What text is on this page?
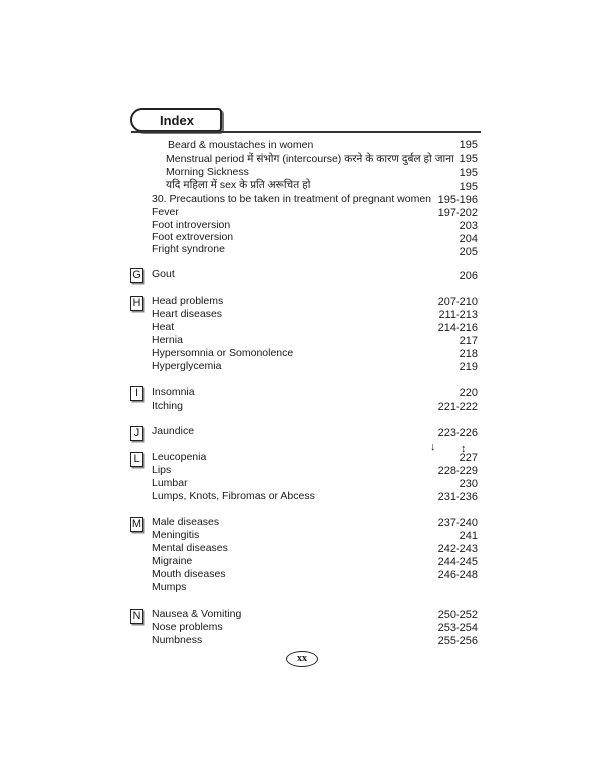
Index
Beard & moustaches in women	195
Menstrual period में संभोग (intercourse) करने के कारण दुर्बल हो जाना 195
Morning Sickness	195
यदि महिला में sex के प्रति अरूचित हो	195
30. Precautions to be taken in treatment of pregnant women 195-196
Fever	197-202
Foot introversion	203
Foot extroversion	204
Fright syndrone	205
G Gout	206
H Head problems	207-210
Heart diseases	211-213
Heat	214-216
Hernia	217
Hypersomnia or Somonolence	218
Hyperglycemia	219
I	Insomnia	220
Itching	221-222
J	Jaundice	223-226
↓ ↕
L	Leucopenia	227
Lips	228-229
Lumbar	230
Lumps, Knots, Fibromas or Abcess	231-236
M Male diseases	237-240
Meningitis	241
Mental diseases	242-243
Migraine	244-245
Mouth diseases	246-248
Mumps
N Nausea & Vomiting	250-252
Nose problems	253-254
Numbness	255-256
xx
